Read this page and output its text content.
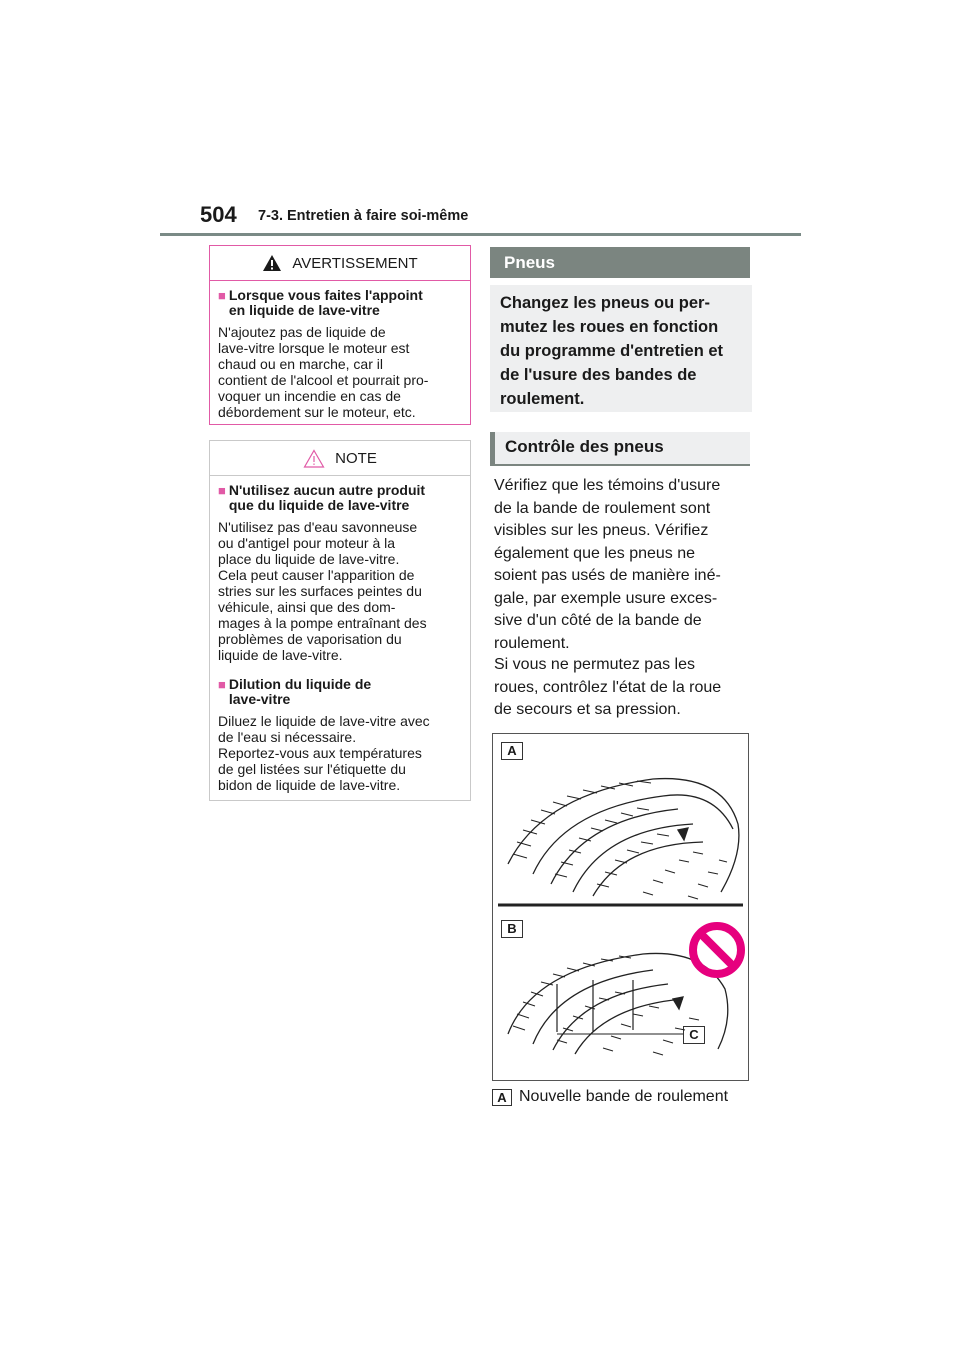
504 7-3. Entretien à faire soi-même
AVERTISSEMENT
■ Lorsque vous faites l'appoint
en liquide de lave-vitre
N'ajoutez pas de liquide de
lave-vitre lorsque le moteur est
chaud ou en marche, car il
contient de l'alcool et pourrait pro-
voquer un incendie en cas de
débordement sur le moteur, etc.
NOTE
■ N'utilisez aucun autre produit
que du liquide de lave-vitre
N'utilisez pas d'eau savonneuse
ou d'antigel pour moteur à la
place du liquide de lave-vitre.
Cela peut causer l'apparition de
stries sur les surfaces peintes du
véhicule, ainsi que des dom-
mages à la pompe entraînant des
problèmes de vaporisation du
liquide de lave-vitre.
■ Dilution du liquide de
lave-vitre
Diluez le liquide de lave-vitre avec
de l'eau si nécessaire.
Reportez-vous aux températures
de gel listées sur l'étiquette du
bidon de liquide de lave-vitre.
Pneus
Changez les pneus ou per-
mutez les roues en fonction
du programme d'entretien et
de l'usure des bandes de
roulement.
Contrôle des pneus
Vérifiez que les témoins d'usure
de la bande de roulement sont
visibles sur les pneus. Vérifiez
également que les pneus ne
soient pas usés de manière iné-
gale, par exemple usure exces-
sive d'un côté de la bande de
roulement.
Si vous ne permutez pas les
roues, contrôlez l'état de la roue
de secours et sa pression.
A
B
C
A Nouvelle bande de roulement
